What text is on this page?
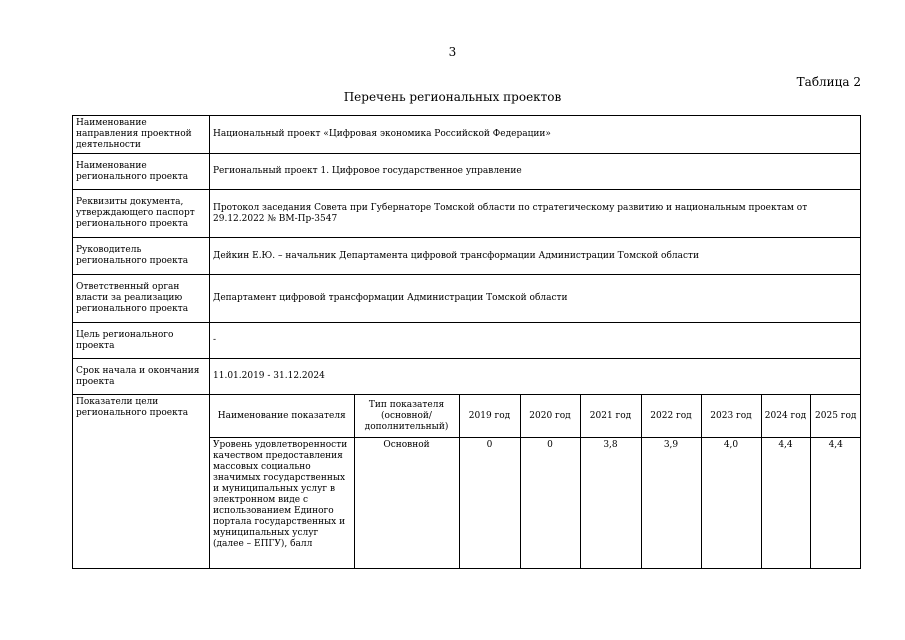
3
Таблица 2
Перечень региональных проектов
Наименование направления проектной деятельности	Национальный проект «Цифровая экономика Российской Федерации»
Наименование регионального проекта	Региональный проект 1. Цифровое государственное управление
Реквизиты документа, утверждающего паспорт регионального проекта	Протокол заседания Совета при Губернаторе Томской области по стратегическому развитию и национальным проектам от 29.12.2022 № ВМ-Пр-3547
Руководитель регионального проекта	Дейкин Е.Ю. – начальник Департамента цифровой трансформации Администрации Томской области
Ответственный орган власти за реализацию регионального проекта	Департамент цифровой трансформации Администрации Томской области
Цель регионального проекта	-
Срок начала и окончания проекта	11.01.2019 - 31.12.2024
Показатели цели регионального проекта		Наименование показателя	Тип показателя (основной/ дополнительный)	2019 год	2020 год	2021 год	2022 год	2023 год	2024 год	2025 год
Уровень удовлетворенности качеством предоставления массовых социально значимых государственных и муниципальных услуг в электронном виде с использованием Единого портала государственных и муниципальных услуг (далее – ЕПГУ), балл	Основной	0	0	3,8	3,9	4,0	4,4	4,4
